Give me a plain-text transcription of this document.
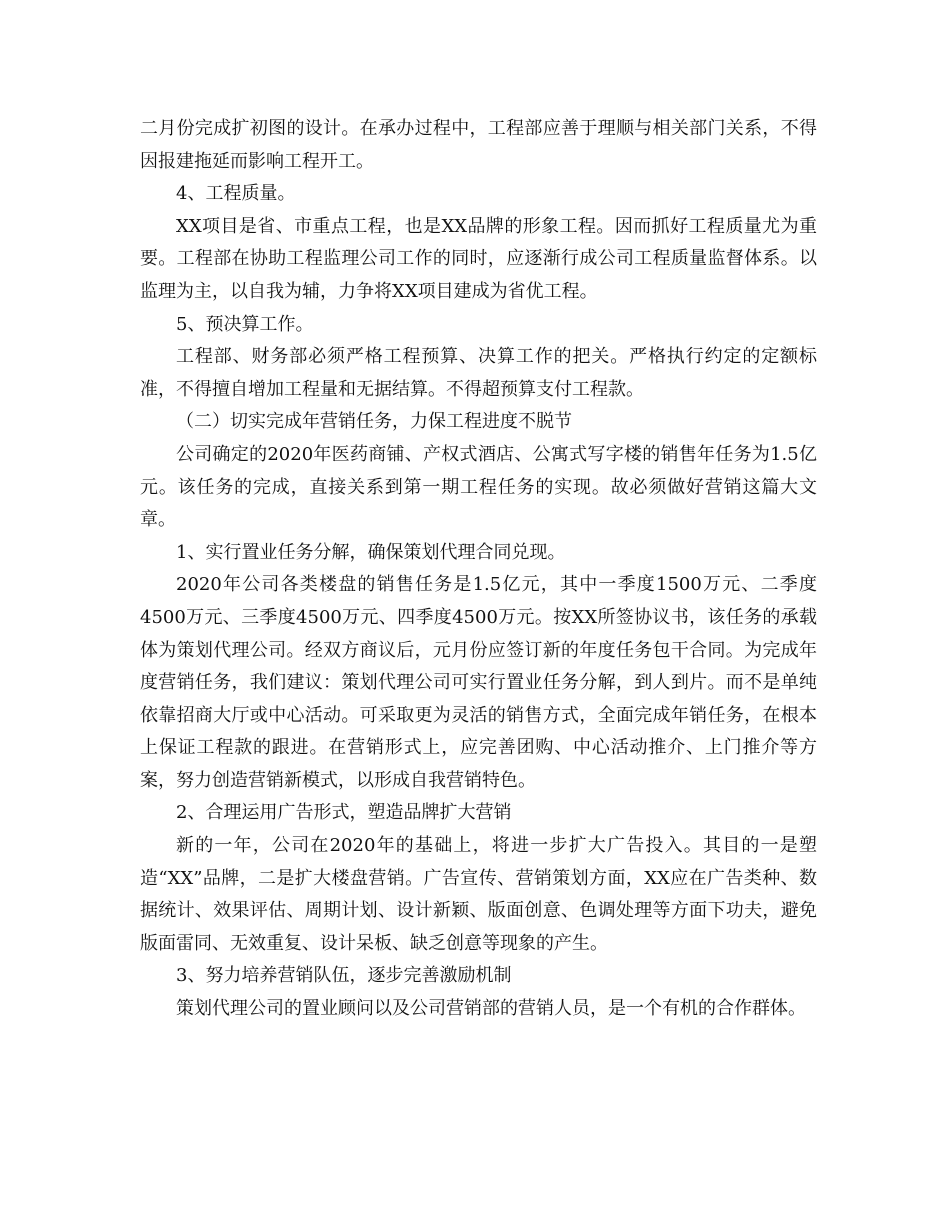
二月份完成扩初图的设计。在承办过程中，工程部应善于理顺与相关部门关系，不得因报建拖延而影响工程开工。

4、工程质量。

XX项目是省、市重点工程，也是XX品牌的形象工程。因而抓好工程质量尤为重要。工程部在协助工程监理公司工作的同时，应逐渐行成公司工程质量监督体系。以监理为主，以自我为辅，力争将XX项目建成为省优工程。

5、预决算工作。

工程部、财务部必须严格工程预算、决算工作的把关。严格执行约定的定额标准，不得擅自增加工程量和无据结算。不得超预算支付工程款。

（二）切实完成年营销任务，力保工程进度不脱节

公司确定的2020年医药商铺、产权式酒店、公寓式写字楼的销售年任务为1.5亿元。该任务的完成，直接关系到第一期工程任务的实现。故必须做好营销这篇大文章。

1、实行置业任务分解，确保策划代理合同兑现。

2020年公司各类楼盘的销售任务是1.5亿元，其中一季度1500万元、二季度4500万元、三季度4500万元、四季度4500万元。按XX所签协议书，该任务的承载体为策划代理公司。经双方商议后，元月份应签订新的年度任务包干合同。为完成年度营销任务，我们建议：策划代理公司可实行置业任务分解，到人到片。而不是单纯依靠招商大厅或中心活动。可采取更为灵活的销售方式，全面完成年销任务，在根本上保证工程款的跟进。在营销形式上，应完善团购、中心活动推介、上门推介等方案，努力创造营销新模式，以形成自我营销特色。

2、合理运用广告形式，塑造品牌扩大营销

新的一年，公司在2020年的基础上，将进一步扩大广告投入。其目的一是塑造“XX”品牌，二是扩大楼盘营销。广告宣传、营销策划方面，XX应在广告类种、数据统计、效果评估、周期计划、设计新颖、版面创意、色调处理等方面下功夫，避免版面雷同、无效重复、设计呆板、缺乏创意等现象的产生。

3、努力培养营销队伍，逐步完善激励机制

策划代理公司的置业顾问以及公司营销部的营销人员，是一个有机的合作群体。
